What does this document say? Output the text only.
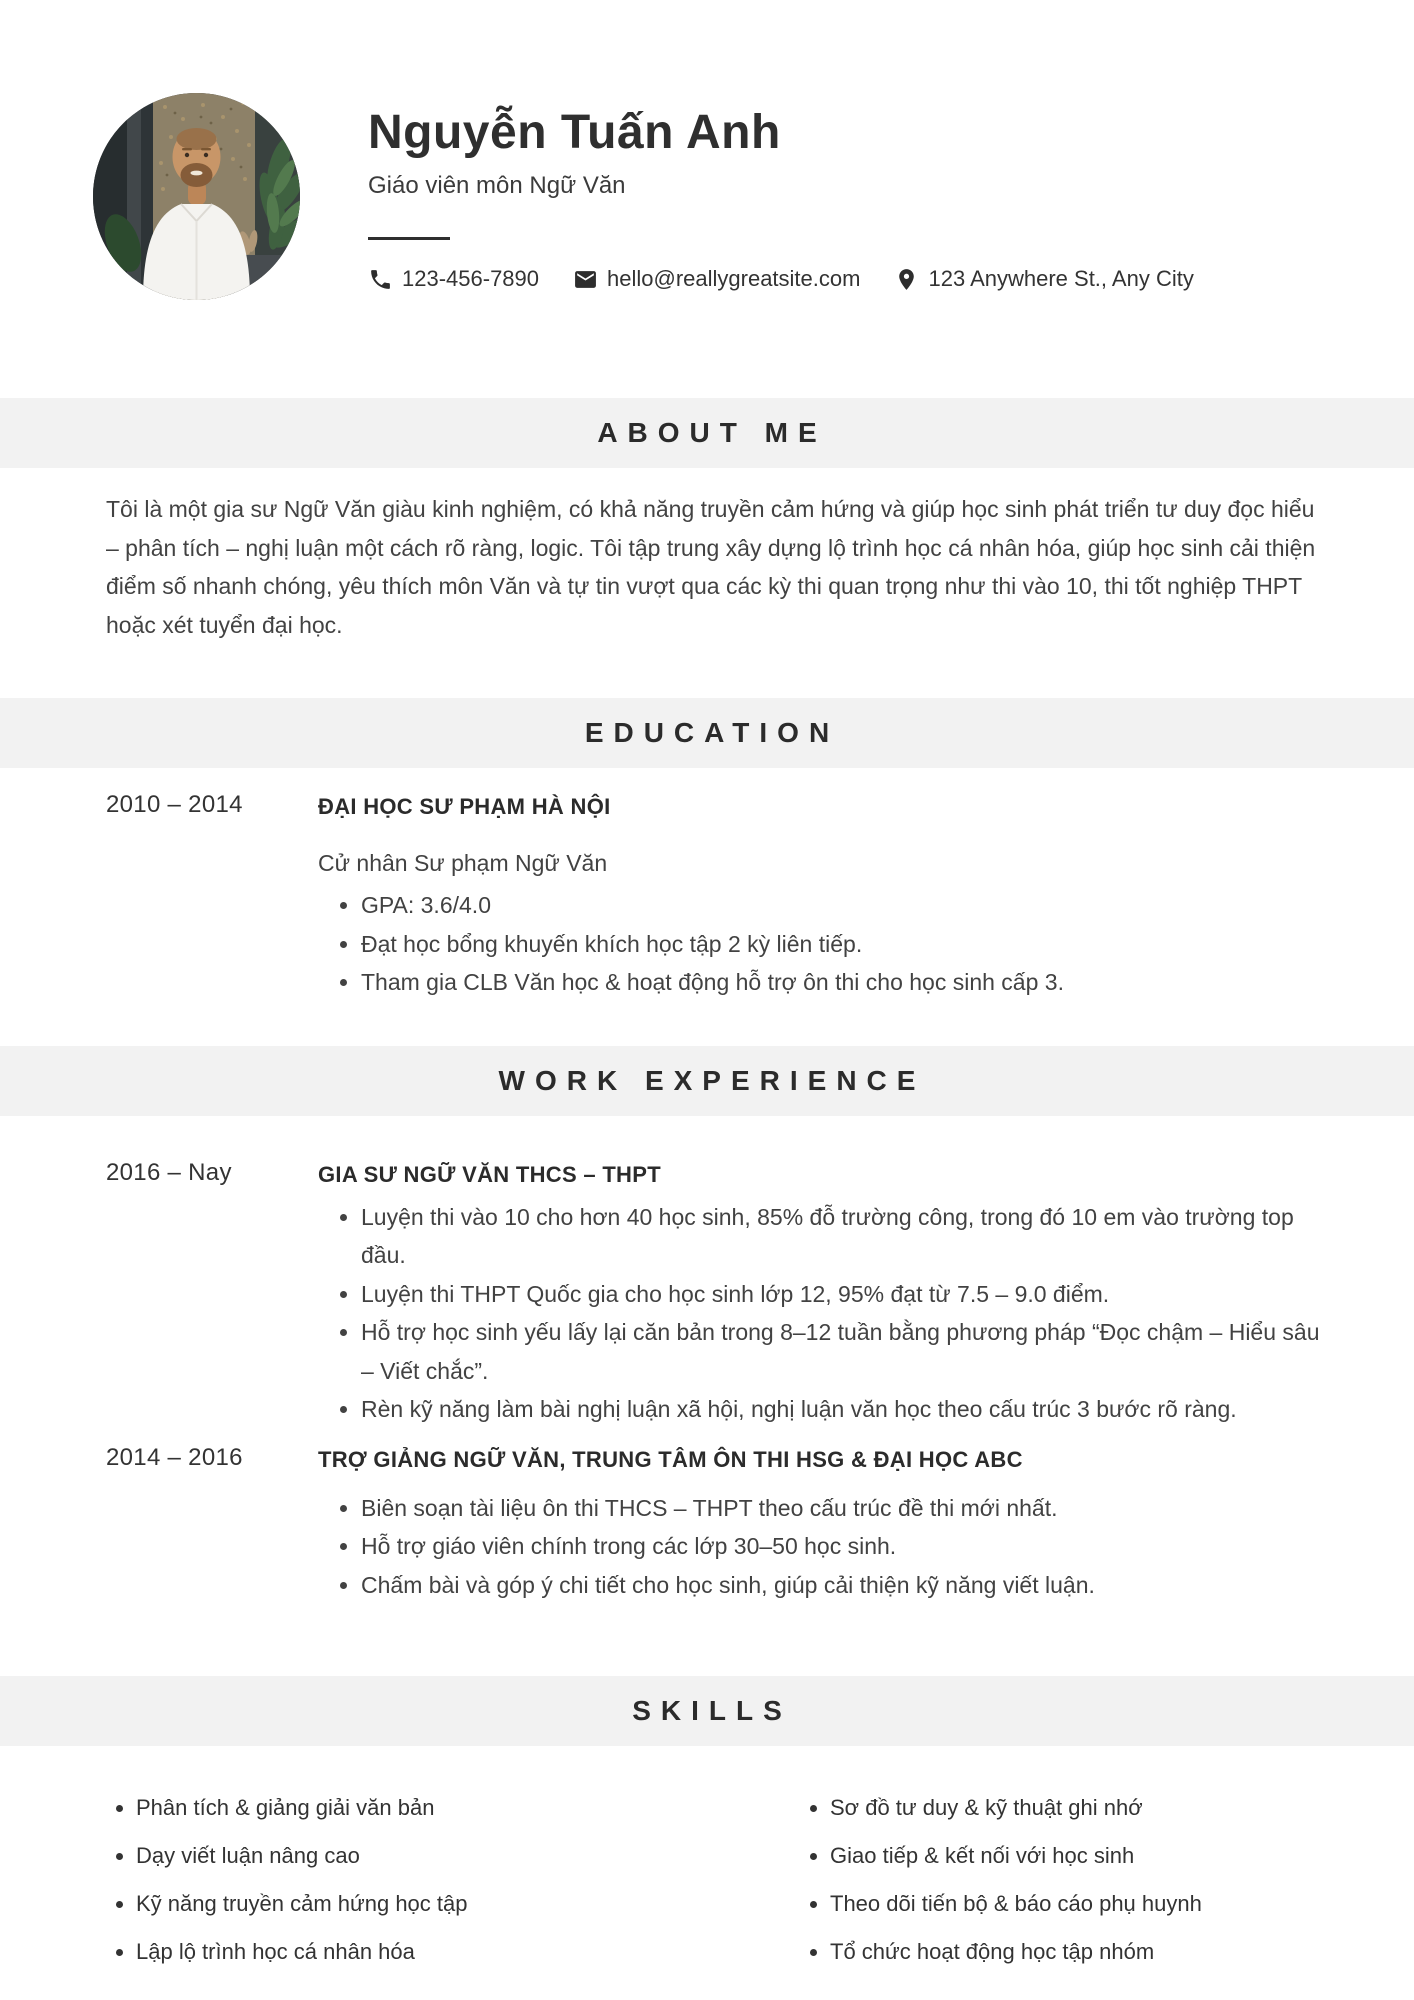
Nguyễn Tuấn Anh
Giáo viên môn Ngữ Văn
123-456-7890	hello@reallygreatsite.com	123 Anywhere St., Any City
ABOUT ME

Tôi là một gia sư Ngữ Văn giàu kinh nghiệm, có khả năng truyền cảm hứng và giúp học sinh phát triển tư duy đọc hiểu – phân tích – nghị luận một cách rõ ràng, logic. Tôi tập trung xây dựng lộ trình học cá nhân hóa, giúp học sinh cải thiện điểm số nhanh chóng, yêu thích môn Văn và tự tin vượt qua các kỳ thi quan trọng như thi vào 10, thi tốt nghiệp THPT hoặc xét tuyển đại học.

EDUCATION
2010 – 2014	ĐẠI HỌC SƯ PHẠM HÀ NỘI
Cử nhân Sư phạm Ngữ Văn
• GPA: 3.6/4.0
• Đạt học bổng khuyến khích học tập 2 kỳ liên tiếp.
• Tham gia CLB Văn học & hoạt động hỗ trợ ôn thi cho học sinh cấp 3.
WORK EXPERIENCE
2016 – Nay	GIA SƯ NGỮ VĂN THCS – THPT
• Luyện thi vào 10 cho hơn 40 học sinh, 85% đỗ trường công, trong đó 10 em vào trường top đầu.
• Luyện thi THPT Quốc gia cho học sinh lớp 12, 95% đạt từ 7.5 – 9.0 điểm.
• Hỗ trợ học sinh yếu lấy lại căn bản trong 8–12 tuần bằng phương pháp “Đọc chậm – Hiểu sâu – Viết chắc”.
• Rèn kỹ năng làm bài nghị luận xã hội, nghị luận văn học theo cấu trúc 3 bước rõ ràng.
2014 – 2016	TRỢ GIẢNG NGỮ VĂN, TRUNG TÂM ÔN THI HSG & ĐẠI HỌC ABC
• Biên soạn tài liệu ôn thi THCS – THPT theo cấu trúc đề thi mới nhất.
• Hỗ trợ giáo viên chính trong các lớp 30–50 học sinh.
• Chấm bài và góp ý chi tiết cho học sinh, giúp cải thiện kỹ năng viết luận.
SKILLS
• Phân tích & giảng giải văn bản
• Dạy viết luận nâng cao
• Kỹ năng truyền cảm hứng học tập
• Lập lộ trình học cá nhân hóa
• Sơ đồ tư duy & kỹ thuật ghi nhớ
• Giao tiếp & kết nối với học sinh
• Theo dõi tiến bộ & báo cáo phụ huynh
• Tổ chức hoạt động học tập nhóm
